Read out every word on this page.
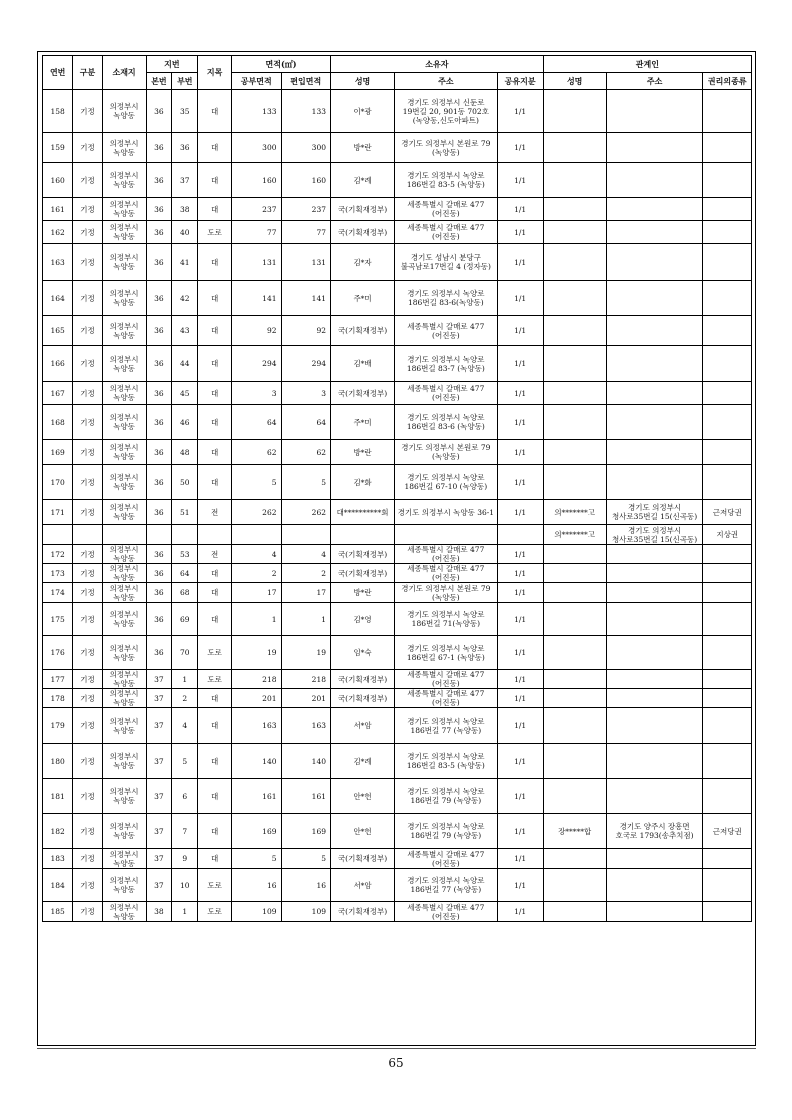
연번	구분	소재지	지번		지목	면적(㎡)		소유자			관계인		
			본번	부번		공부면적	편입면적	성명	주소	공유지분	성명	주소	권리의종류
158	기정	의정부시 녹양동	36	35	대	133	133	이*광	경기도 의정부시 신둔로 19번길 20, 901동 702호 (녹양동,신도아파트)	1/1			
159	기정	의정부시 녹양동	36	36	대	300	300	방*란	경기도 의정부시 본원로 79 (녹양동)	1/1			
160	기정	의정부시 녹양동	36	37	대	160	160	김*례	경기도 의정부시 녹양로 186번길 83-5 (녹양동)	1/1			
161	기정	의정부시 녹양동	36	38	대	237	237	국(기획재정부)	세종특별시 갈매로 477 (어진동)	1/1			
162	기정	의정부시 녹양동	36	40	도로	77	77	국(기획재정부)	세종특별시 갈매로 477 (어진동)	1/1			
163	기정	의정부시 녹양동	36	41	대	131	131	김*자	경기도 성남시 분당구 불곡남로17번길 4 (정자동)	1/1			
164	기정	의정부시 녹양동	36	42	대	141	141	주*미	경기도 의정부시 녹양로 186번길 83-6(녹양동)	1/1			
165	기정	의정부시 녹양동	36	43	대	92	92	국(기획재정부)	세종특별시 갈매로 477 (어진동)	1/1			
166	기정	의정부시 녹양동	36	44	대	294	294	김*배	경기도 의정부시 녹양로 186번길 83-7 (녹양동)	1/1			
167	기정	의정부시 녹양동	36	45	대	3	3	국(기획재정부)	세종특별시 갈매로 477 (어진동)	1/1			
168	기정	의정부시 녹양동	36	46	대	64	64	주*미	경기도 의정부시 녹양로 186번길 83-6 (녹양동)	1/1			
169	기정	의정부시 녹양동	36	48	대	62	62	방*란	경기도 의정부시 본원로 79 (녹양동)	1/1			
170	기정	의정부시 녹양동	36	50	대	5	5	김*화	경기도 의정부시 녹양로 186번길 67-10 (녹양동)	1/1			
171	기정	의정부시 녹양동	36	51	전	262	262	대**********회	경기도 의정부시 녹양동 36-1	1/1	의*******고	경기도 의정부시 청사로35번길 15(신곡동)	근저당권
											의*******고	경기도 의정부시 청사로35번길 15(신곡동)	지상권
172	기정	의정부시 녹양동	36	53	전	4	4	국(기획재정부)	세종특별시 갈매로 477 (어진동)	1/1			
173	기정	의정부시 녹양동	36	64	대	2	2	국(기획재정부)	세종특별시 갈매로 477 (어진동)	1/1			
174	기정	의정부시 녹양동	36	68	대	17	17	방*란	경기도 의정부시 본원로 79 (녹양동)	1/1			
175	기정	의정부시 녹양동	36	69	대	1	1	김*영	경기도 의정부시 녹양로 186번길 71(녹양동)	1/1			
176	기정	의정부시 녹양동	36	70	도로	19	19	임*숙	경기도 의정부시 녹양로 186번길 67-1 (녹양동)	1/1			
177	기정	의정부시 녹양동	37	1	도로	218	218	국(기획재정부)	세종특별시 갈매로 477 (어진동)	1/1			
178	기정	의정부시 녹양동	37	2	대	201	201	국(기획재정부)	세종특별시 갈매로 477 (어진동)	1/1			
179	기정	의정부시 녹양동	37	4	대	163	163	서*암	경기도 의정부시 녹양로 186번길 77 (녹양동)	1/1			
180	기정	의정부시 녹양동	37	5	대	140	140	김*례	경기도 의정부시 녹양로 186번길 83-5 (녹양동)	1/1			
181	기정	의정부시 녹양동	37	6	대	161	161	안*헌	경기도 의정부시 녹양로 186번길 79 (녹양동)	1/1			
182	기정	의정부시 녹양동	37	7	대	169	169	안*헌	경기도 의정부시 녹양로 186번길 79 (녹양동)	1/1	장*****합	경기도 양주시 장흥면 호국로 1793(송추치점)	근저당권
183	기정	의정부시 녹양동	37	9	대	5	5	국(기획재정부)	세종특별시 갈매로 477 (어진동)	1/1			
184	기정	의정부시 녹양동	37	10	도로	16	16	서*암	경기도 의정부시 녹양로 186번길 77 (녹양동)	1/1			
185	기정	의정부시 녹양동	38	1	도로	109	109	국(기획재정부)	세종특별시 갈매로 477 (어진동)	1/1			
65
